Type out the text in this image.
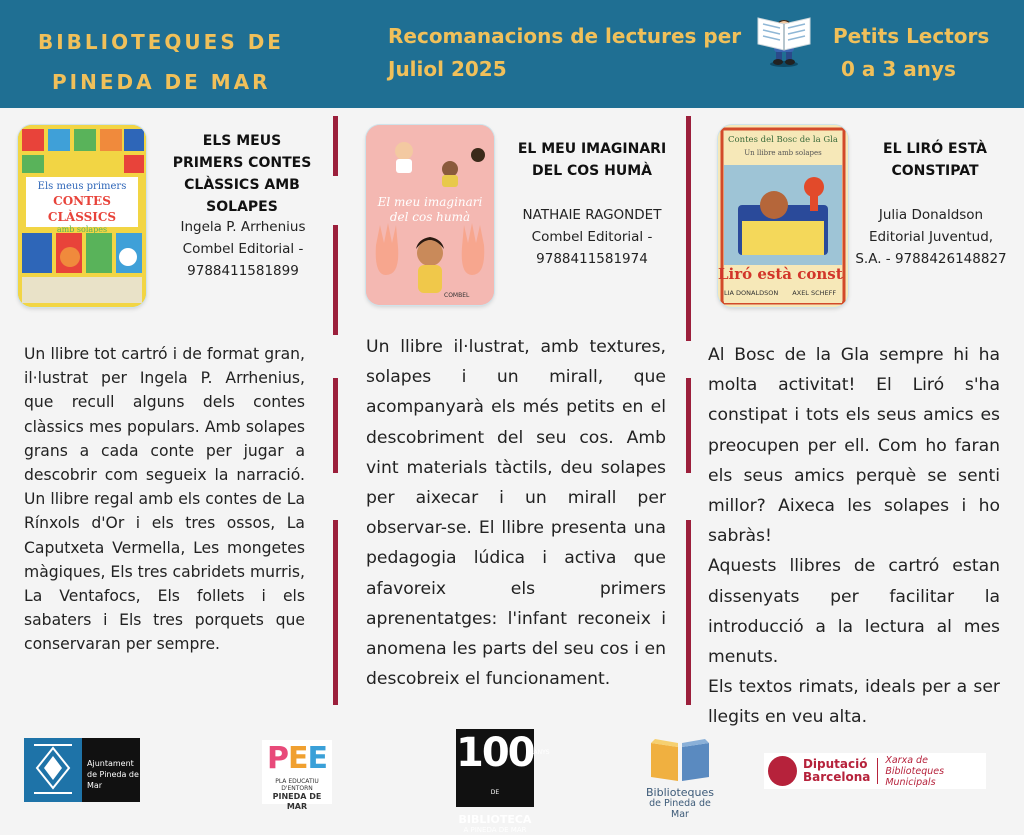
BIBLIOTEQUES DE
PINEDA DE MAR
Recomanacions de lectures per
Juliol 2025
Petits Lectors
0 a 3 anys
Els meus primers
CONTES CLÀSSICS
amb solapes
ELS MEUS PRIMERS CONTES CLÀSSICS AMB SOLAPES
Ingela P. Arrhenius
Combel Editorial -
9788411581899

Un llibre tot cartró i de format gran, il·lustrat per Ingela P. Arrhenius, que recull alguns dels contes clàssics mes populars. Amb solapes grans a cada conte per jugar a descobrir com segueix la narració. Un llibre regal amb els contes de La Rínxols d'Or i els tres ossos, La Caputxeta Vermella, Les mongetes màgiques, Els tres cabridets murris, La Ventafocs, Els follets i els sabaters i Els tres porquets que conservaran per sempre.

El meu imaginari
del cos humà
COMBEL
EL MEU IMAGINARI DEL COS HUMÀ
NATHAIE RAGONDET
Combel Editorial -
9788411581974

Un llibre il·lustrat, amb textures, solapes i un mirall, que acompanyarà els més petits en el descobriment del seu cos. Amb vint materials tàctils, deu solapes per aixecar i un mirall per observar-se. El llibre presenta una pedagogia lúdica i activa que afavoreix els primers aprenentatges: l'infant reconeix i anomena les parts del seu cos i en descobreix el funcionament.

Contes del Bosc de la Gla
Un llibre amb solapes
Liró està const
LIA DONALDSON AXEL SCHEFF
EL LIRÓ ESTÀ CONSTIPAT
Julia Donaldson
Editorial Juventud,
S.A. - 9788426148827

Al Bosc de la Gla sempre hi ha molta activitat! El Liró s'ha constipat i tots els seus amics es preocupen per ell. Com ho faran els seus amics perquè se senti millor? Aixeca les solapes i ho sabràs!

Aquests llibres de cartró estan dissenyats per facilitar la introducció a la lectura al mes menuts.

Els textos rimats, ideals per a ser llegits en veu alta.

Ajuntament
de Pineda de Mar
PEE
PLA EDUCATIU D'ENTORN
PINEDA DE MAR
$100^{ANYS DE}$
BIBLIOTECA
A PINEDA DE MAR
Biblioteques
de Pineda de Mar
Diputació
Barcelona
Xarxa de Biblioteques
Municipals
